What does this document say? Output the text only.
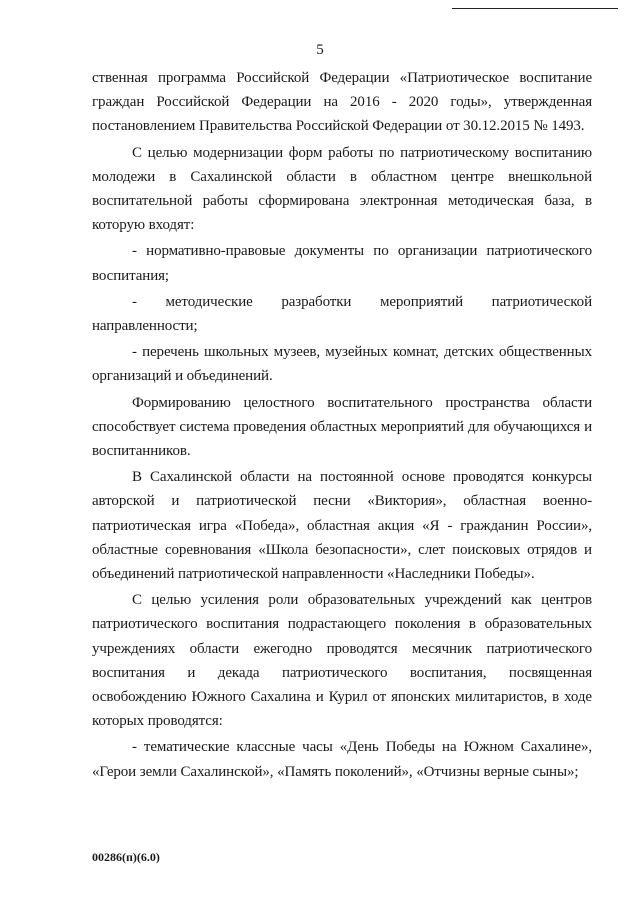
5

ственная программа Российской Федерации «Патриотическое воспитание граждан Российской Федерации на 2016 - 2020 годы», утвержденная постановлением Правительства Российской Федерации от 30.12.2015 № 1493.

С целью модернизации форм работы по патриотическому воспитанию молодежи в Сахалинской области в областном центре внешкольной воспитательной работы сформирована электронная методическая база, в которую входят:

- нормативно-правовые документы по организации патриотического воспитания;

- методические разработки мероприятий патриотической направленности;

- перечень школьных музеев, музейных комнат, детских общественных организаций и объединений.

Формированию целостного воспитательного пространства области способствует система проведения областных мероприятий для обучающихся и воспитанников.

В Сахалинской области на постоянной основе проводятся конкурсы авторской и патриотической песни «Виктория», областная военно-патриотическая игра «Победа», областная акция «Я - гражданин России», областные соревнования «Школа безопасности», слет поисковых отрядов и объединений патриотической направленности «Наследники Победы».

С целью усиления роли образовательных учреждений как центров патриотического воспитания подрастающего поколения в образовательных учреждениях области ежегодно проводятся месячник патриотического воспитания и декада патриотического воспитания, посвященная освобождению Южного Сахалина и Курил от японских милитаристов, в ходе которых проводятся:

- тематические классные часы «День Победы на Южном Сахалине», «Герои земли Сахалинской», «Память поколений», «Отчизны верные сыны»;

00286(п)(6.0)
